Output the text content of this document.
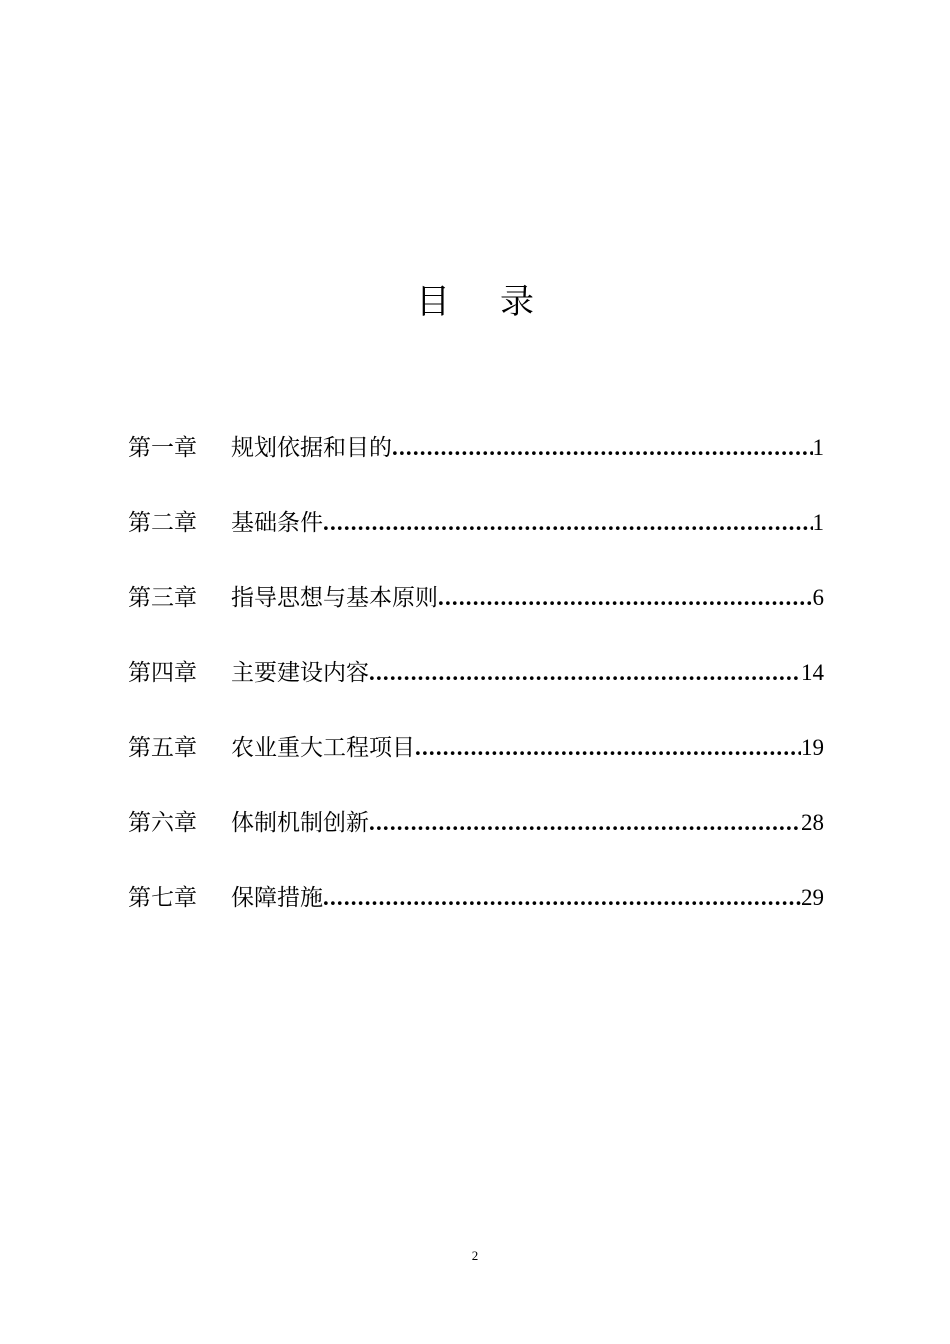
目 录
第一章	规划依据和目的 .....	1
第二章	基础条件 .....	1
第三章	指导思想与基本原则 .....	6
第四章	主要建设内容 .....	14
第五章	农业重大工程项目 .....	19
第六章	体制机制创新 .....	28
第七章	保障措施 .....	29
2
